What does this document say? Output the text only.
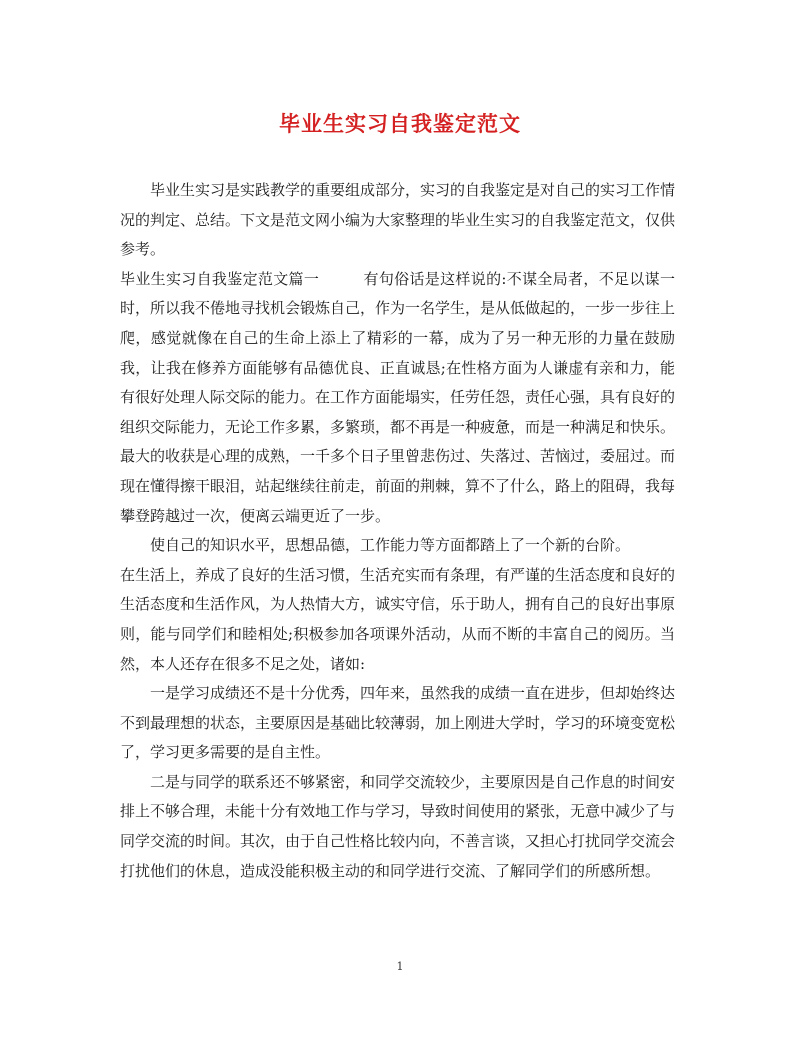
毕业生实习自我鉴定范文

毕业生实习是实践教学的重要组成部分，实习的自我鉴定是对自己的实习工作情况的判定、总结。下文是范文网小编为大家整理的毕业生实习的自我鉴定范文，仅供参考。

毕业生实习自我鉴定范文篇一	有句俗话是这样说的:不谋全局者，不足以谋一时，所以我不倦地寻找机会锻炼自己，作为一名学生，是从低做起的，一步一步往上爬，感觉就像在自己的生命上添上了精彩的一幕，成为了另一种无形的力量在鼓励我，让我在修养方面能够有品德优良、正直诚恳;在性格方面为人谦虚有亲和力，能有很好处理人际交际的能力。在工作方面能塌实，任劳任怨，责任心强，具有良好的组织交际能力，无论工作多累，多繁琐，都不再是一种疲惫，而是一种满足和快乐。最大的收获是心理的成熟，一千多个日子里曾悲伤过、失落过、苦恼过，委屈过。而现在懂得擦干眼泪，站起继续往前走，前面的荆棘，算不了什么，路上的阻碍，我每攀登跨越过一次，便离云端更近了一步。

使自己的知识水平，思想品德，工作能力等方面都踏上了一个新的台阶。

在生活上，养成了良好的生活习惯，生活充实而有条理，有严谨的生活态度和良好的生活态度和生活作风，为人热情大方，诚实守信，乐于助人，拥有自己的良好出事原则，能与同学们和睦相处;积极参加各项课外活动，从而不断的丰富自己的阅历。当然，本人还存在很多不足之处，诸如:

一是学习成绩还不是十分优秀，四年来，虽然我的成绩一直在进步，但却始终达不到最理想的状态，主要原因是基础比较薄弱，加上刚进大学时，学习的环境变宽松了，学习更多需要的是自主性。

二是与同学的联系还不够紧密，和同学交流较少，主要原因是自己作息的时间安排上不够合理，未能十分有效地工作与学习，导致时间使用的紧张，无意中减少了与同学交流的时间。其次，由于自己性格比较内向，不善言谈，又担心打扰同学交流会打扰他们的休息，造成没能积极主动的和同学进行交流、了解同学们的所感所想。

1
